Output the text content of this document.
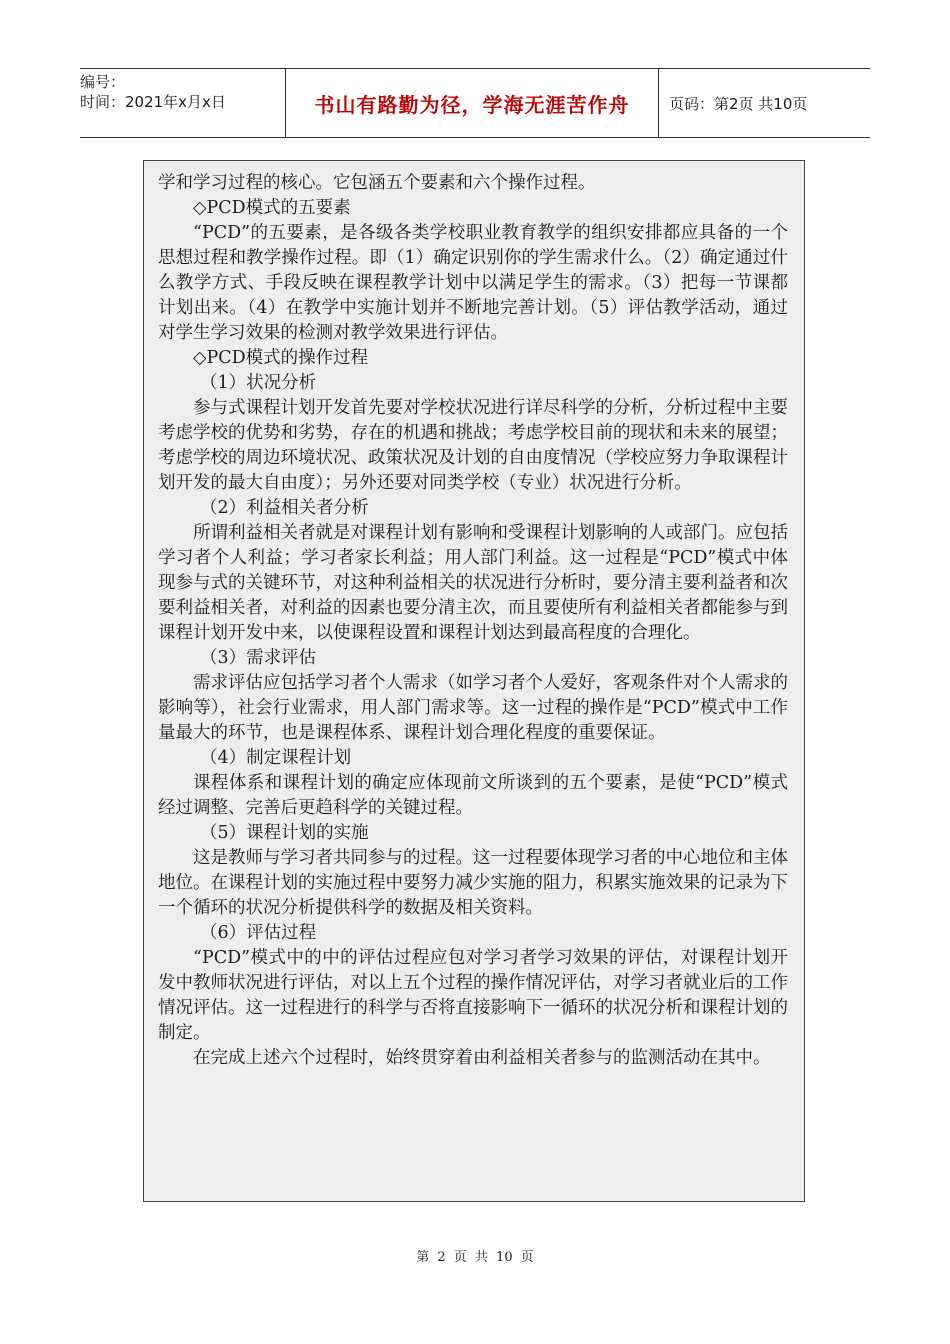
编号：
时间：2021年x月x日	书山有路勤为径，学海无涯苦作舟	页码：第2页 共10页

学和学习过程的核心。它包涵五个要素和六个操作过程。

◇PCD模式的五要素

“PCD”的五要素，是各级各类学校职业教育教学的组织安排都应具备的一个思想过程和教学操作过程。即（1）确定识别你的学生需求什么。（2）确定通过什么教学方式、手段反映在课程教学计划中以满足学生的需求。（3）把每一节课都计划出来。（4）在教学中实施计划并不断地完善计划。（5）评估教学活动，通过对学生学习效果的检测对教学效果进行评估。

◇PCD模式的操作过程

（1）状况分析

参与式课程计划开发首先要对学校状况进行详尽科学的分析，分析过程中主要考虑学校的优势和劣势，存在的机遇和挑战；考虑学校目前的现状和未来的展望；考虑学校的周边环境状况、政策状况及计划的自由度情况（学校应努力争取课程计划开发的最大自由度）；另外还要对同类学校（专业）状况进行分析。

（2）利益相关者分析

所谓利益相关者就是对课程计划有影响和受课程计划影响的人或部门。应包括学习者个人利益；学习者家长利益；用人部门利益。这一过程是“PCD”模式中体现参与式的关键环节，对这种利益相关的状况进行分析时，要分清主要利益者和次要利益相关者，对利益的因素也要分清主次，而且要使所有利益相关者都能参与到课程计划开发中来，以使课程设置和课程计划达到最高程度的合理化。

（3）需求评估

需求评估应包括学习者个人需求（如学习者个人爱好，客观条件对个人需求的影响等），社会行业需求，用人部门需求等。这一过程的操作是“PCD”模式中工作量最大的环节，也是课程体系、课程计划合理化程度的重要保证。

（4）制定课程计划

课程体系和课程计划的确定应体现前文所谈到的五个要素，是使“PCD”模式经过调整、完善后更趋科学的关键过程。

（5）课程计划的实施

这是教师与学习者共同参与的过程。这一过程要体现学习者的中心地位和主体地位。在课程计划的实施过程中要努力减少实施的阻力，积累实施效果的记录为下一个循环的状况分析提供科学的数据及相关资料。

（6）评估过程

“PCD”模式中的中的评估过程应包对学习者学习效果的评估，对课程计划开发中教师状况进行评估，对以上五个过程的操作情况评估，对学习者就业后的工作情况评估。这一过程进行的科学与否将直接影响下一循环的状况分析和课程计划的制定。

在完成上述六个过程时，始终贯穿着由利益相关者参与的监测活动在其中。

第 2 页 共 10 页
